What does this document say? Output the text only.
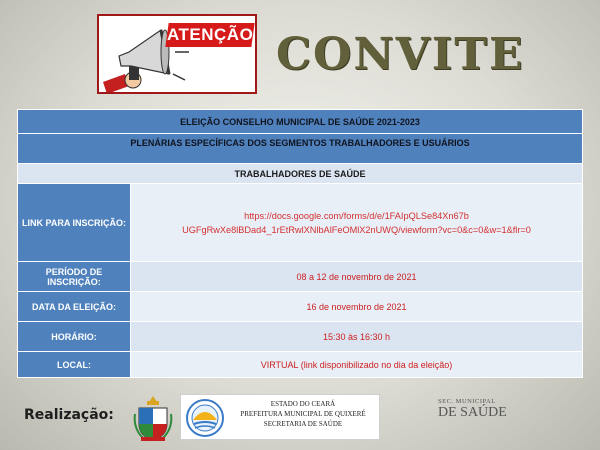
ATENÇÃO CONVITE
ELEIÇÃO CONSELHO MUNICIPAL DE SAÚDE 2021-2023	
PLENÁRIAS ESPECÍFICAS DOS SEGMENTOS TRABALHADORES E USUÁRIOS	
TRABALHADORES DE SAÚDE	
LINK PARA INSCRIÇÃO:	https://docs.google.com/forms/d/e/1FAIpQLSe84Xn67b
UGFgRwXe8lBDad4_1rEtRwlXNlbAlFeOMlX2nUWQ/viewform?vc=0&c=0&w=1&flr=0

PERÍODO DE INSCRIÇÃO:	08 a 12 de novembro de 2021
DATA DA ELEIÇÃO:	16 de novembro de 2021
HORÁRIO:	15:30 às 16:30 h
LOCAL:	VIRTUAL (link disponibilizado no dia da eleição)
Realização:
ESTADO DO CEARÁ
PREFEITURA MUNICIPAL DE QUIXERÉ
SECRETARIA DE SAÚDE
SEC. MUNICIPAL
DE SAÚDE
